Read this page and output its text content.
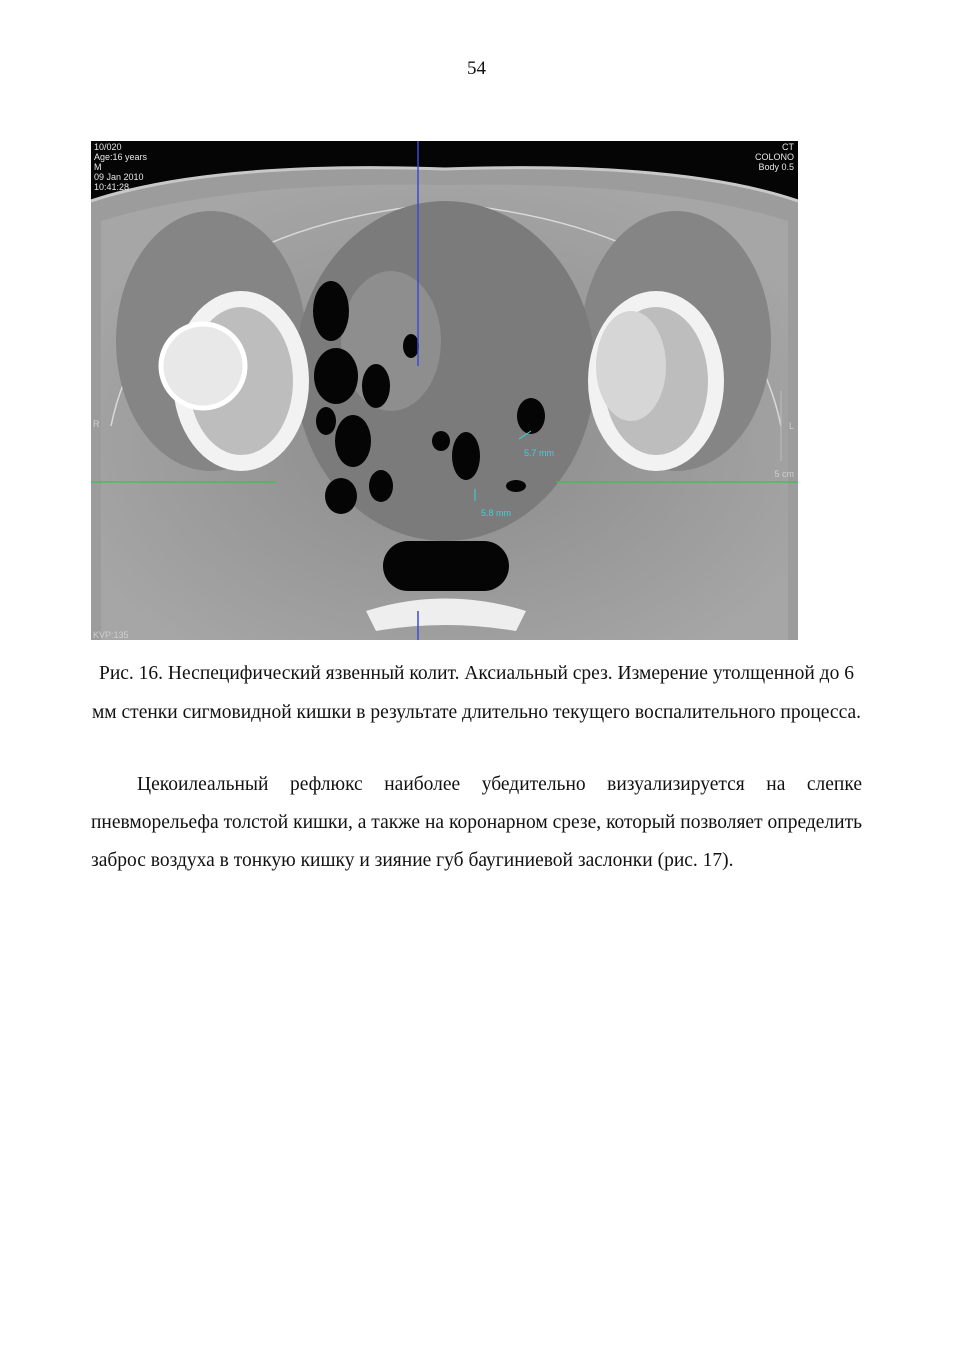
54
10/020
Age:16 years
M
09 Jan 2010
10:41:28
CT
COLONO
Body 0.5
KVP:135
R	L
5 cm
5.7 mm
5.8 mm
Рис. 16. Неспецифический язвенный колит. Аксиальный срез. Измерение утолщенной до 6 мм стенки сигмовидной кишки в результате длительно текущего воспалительного процесса.
Цекоилеальный рефлюкс наиболее убедительно визуализируется на слепке пневморельефа толстой кишки, а также на коронарном срезе, который позволяет определить заброс воздуха в тонкую кишку и зияние губ баугиниевой заслонки (рис. 17).
